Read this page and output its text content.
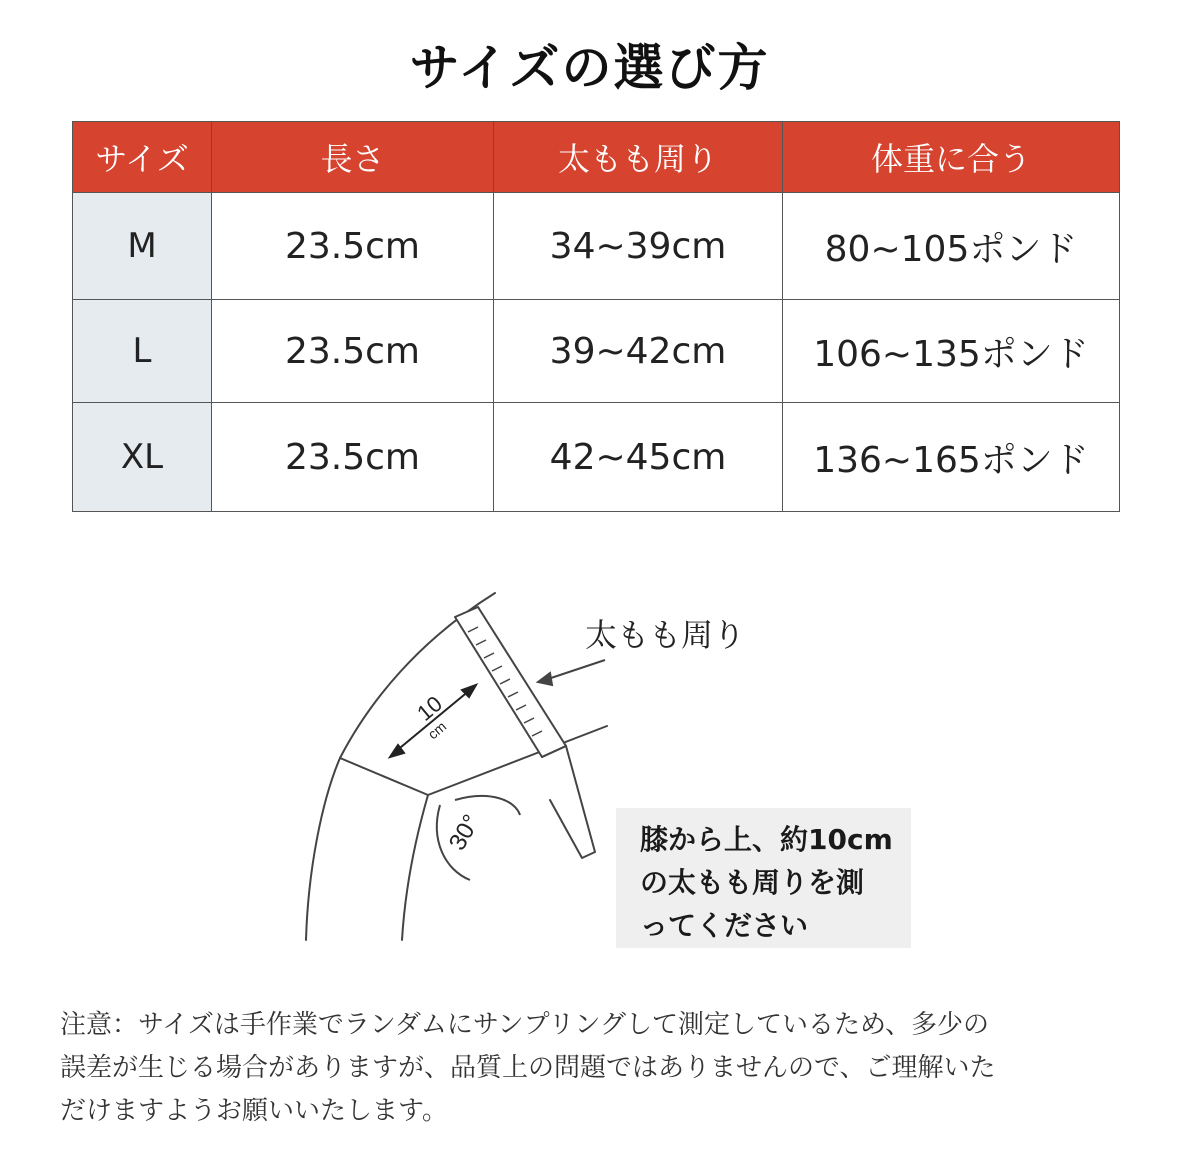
サイズの選び方
サイズ	長さ	太もも周り	体重に合う
M	23.5cm	34~39cm	80~105ポンド
L	23.5cm	39~42cm	106~135ポンド
XL	23.5cm	42~45cm	136~165ポンド
10
cm
30°
太もも周り
膝から上、約10cm
の太もも周りを測
ってください
注意：サイズは手作業でランダムにサンプリングして測定しているため、多少の
誤差が生じる場合がありますが、品質上の問題ではありませんので、ご理解いた
だけますようお願いいたします。
